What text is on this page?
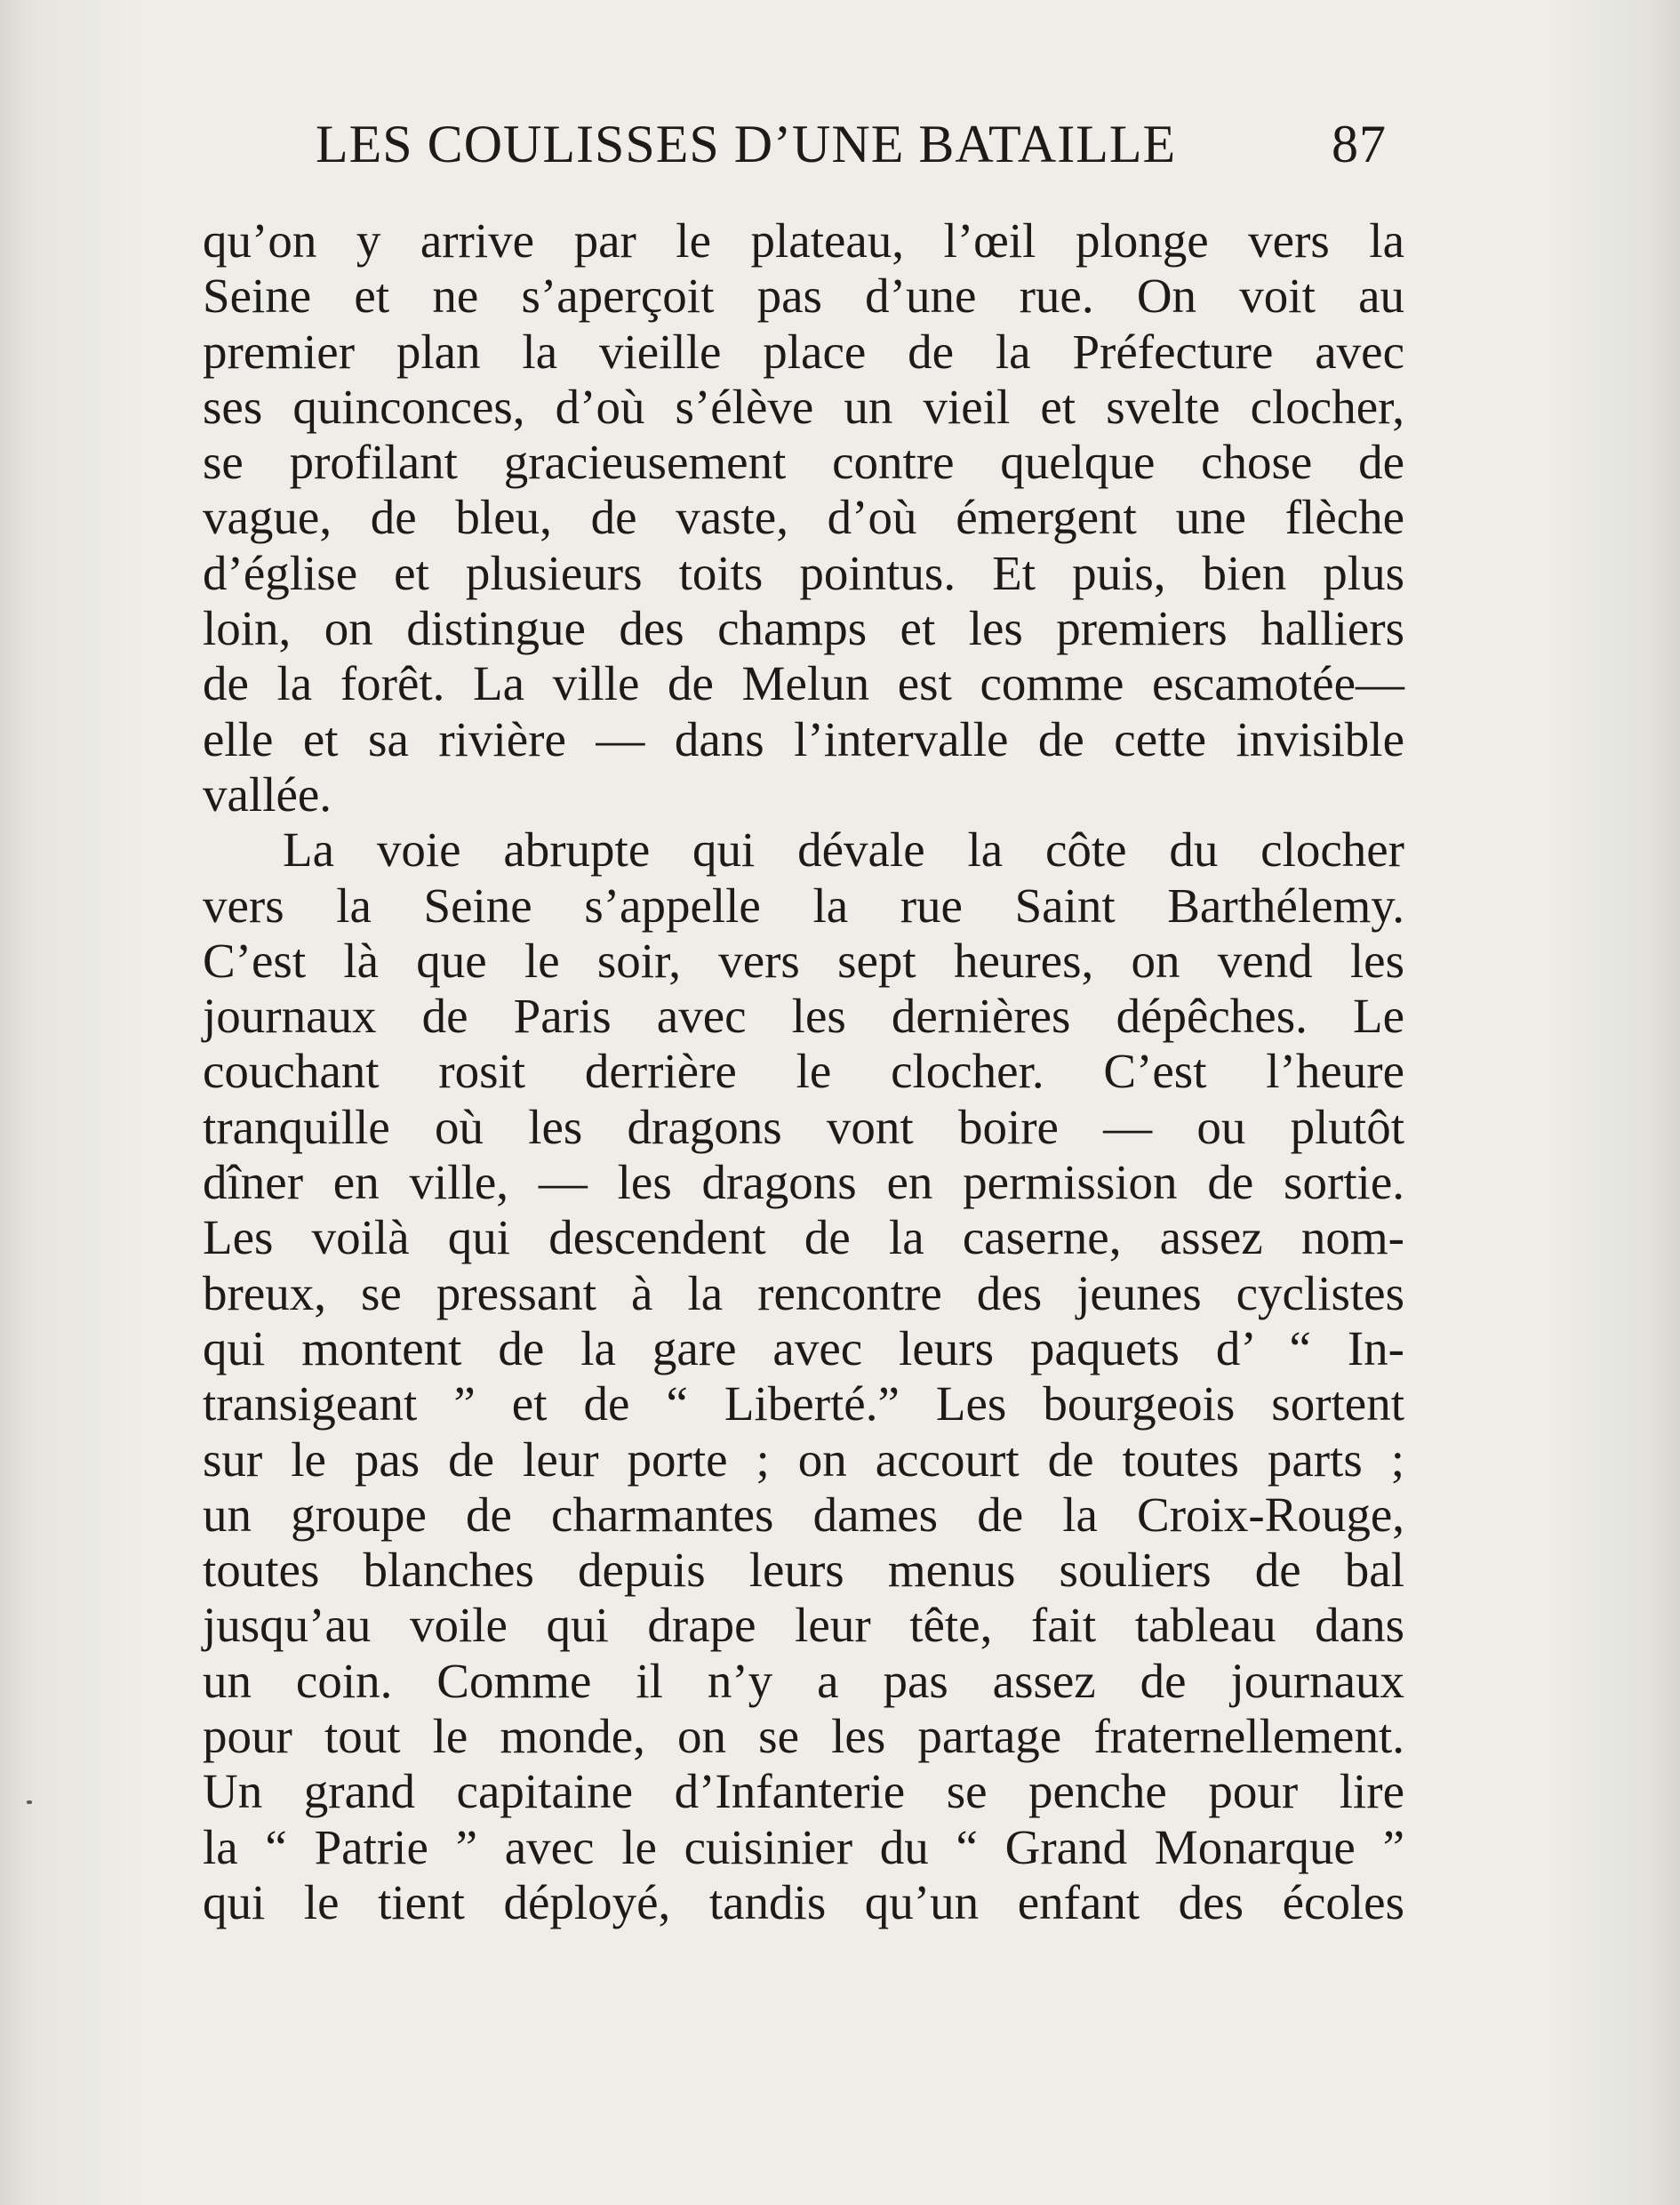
LES COULISSES D’UNE BATAILLE	87
qu’on y arrive par le plateau, l’œil plonge vers la
Seine et ne s’aperçoit pas d’une rue. On voit au
premier plan la vieille place de la Préfecture avec
ses quinconces, d’où s’élève un vieil et svelte clocher,
se profilant gracieusement contre quelque chose de
vague, de bleu, de vaste, d’où émergent une flèche
d’église et plusieurs toits pointus. Et puis, bien plus
loin, on distingue des champs et les premiers halliers
de la forêt. La ville de Melun est comme escamotée—
elle et sa rivière — dans l’intervalle de cette invisible
vallée.
La voie abrupte qui dévale la côte du clocher
vers la Seine s’appelle la rue Saint Barthélemy.
C’est là que le soir, vers sept heures, on vend les
journaux de Paris avec les dernières dépêches. Le
couchant rosit derrière le clocher. C’est l’heure
tranquille où les dragons vont boire — ou plutôt
dîner en ville, — les dragons en permission de sortie.
Les voilà qui descendent de la caserne, assez nom-
breux, se pressant à la rencontre des jeunes cyclistes
qui montent de la gare avec leurs paquets d’ “ In-
transigeant ” et de “ Liberté.” Les bourgeois sortent
sur le pas de leur porte ; on accourt de toutes parts ;
un groupe de charmantes dames de la Croix-Rouge,
toutes blanches depuis leurs menus souliers de bal
jusqu’au voile qui drape leur tête, fait tableau dans
un coin. Comme il n’y a pas assez de journaux
pour tout le monde, on se les partage fraternellement.
Un grand capitaine d’Infanterie se penche pour lire
la “ Patrie ” avec le cuisinier du “ Grand Monarque ”
qui le tient déployé, tandis qu’un enfant des écoles
